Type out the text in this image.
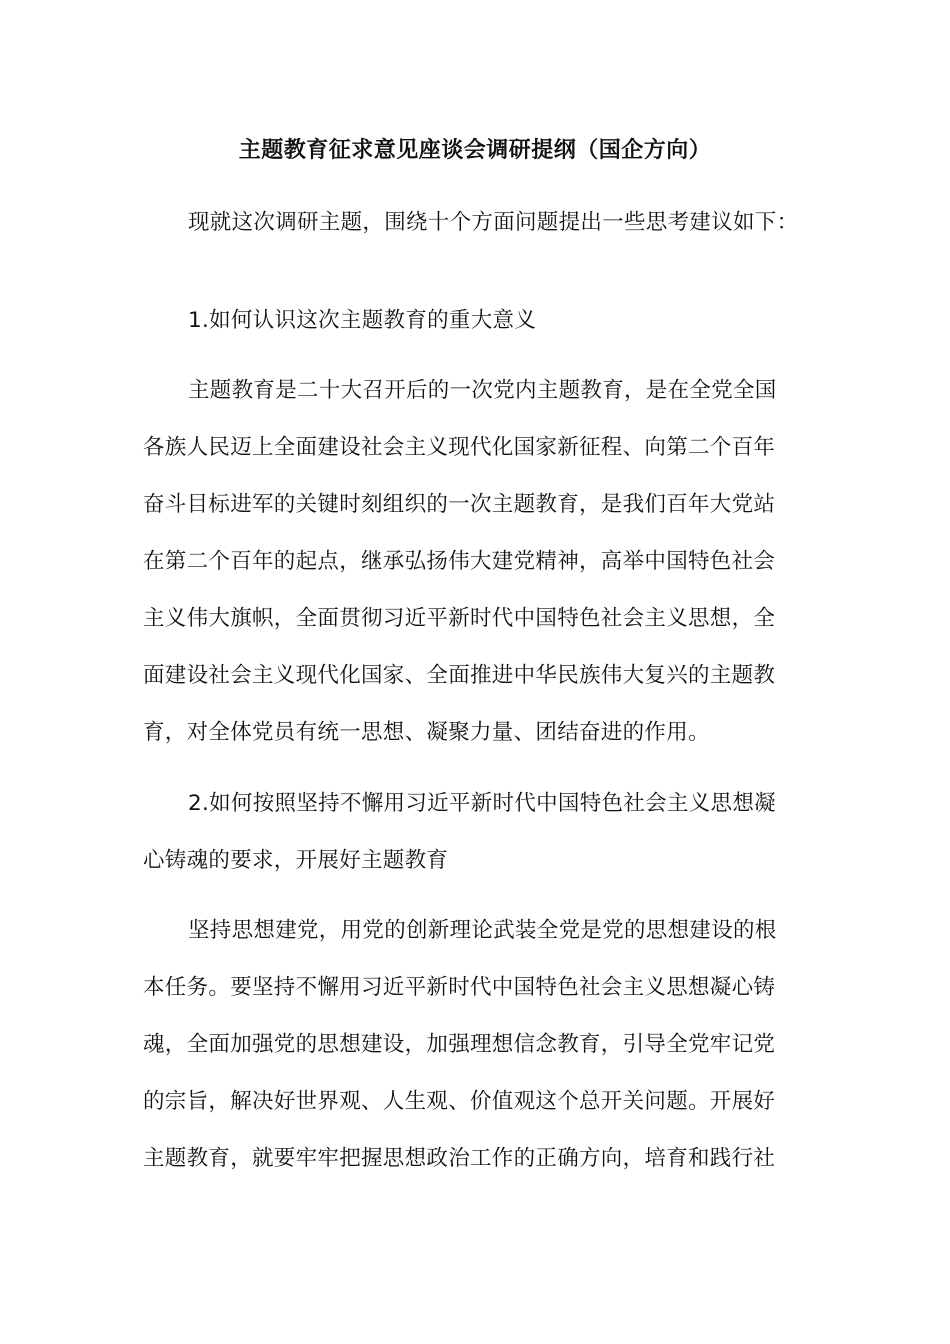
主题教育征求意见座谈会调研提纲（国企方向）
现就这次调研主题，围绕十个方面问题提出一些思考建议如下：
1.如何认识这次主题教育的重大意义
主题教育是二十大召开后的一次党内主题教育，是在全党全国
各族人民迈上全面建设社会主义现代化国家新征程、向第二个百年
奋斗目标进军的关键时刻组织的一次主题教育，是我们百年大党站
在第二个百年的起点，继承弘扬伟大建党精神，高举中国特色社会
主义伟大旗帜，全面贯彻习近平新时代中国特色社会主义思想，全
面建设社会主义现代化国家、全面推进中华民族伟大复兴的主题教
育，对全体党员有统一思想、凝聚力量、团结奋进的作用。
2.如何按照坚持不懈用习近平新时代中国特色社会主义思想凝
心铸魂的要求，开展好主题教育
坚持思想建党，用党的创新理论武装全党是党的思想建设的根
本任务。要坚持不懈用习近平新时代中国特色社会主义思想凝心铸
魂，全面加强党的思想建设，加强理想信念教育，引导全党牢记党
的宗旨，解决好世界观、人生观、价值观这个总开关问题。开展好
主题教育，就要牢牢把握思想政治工作的正确方向，培育和践行社
